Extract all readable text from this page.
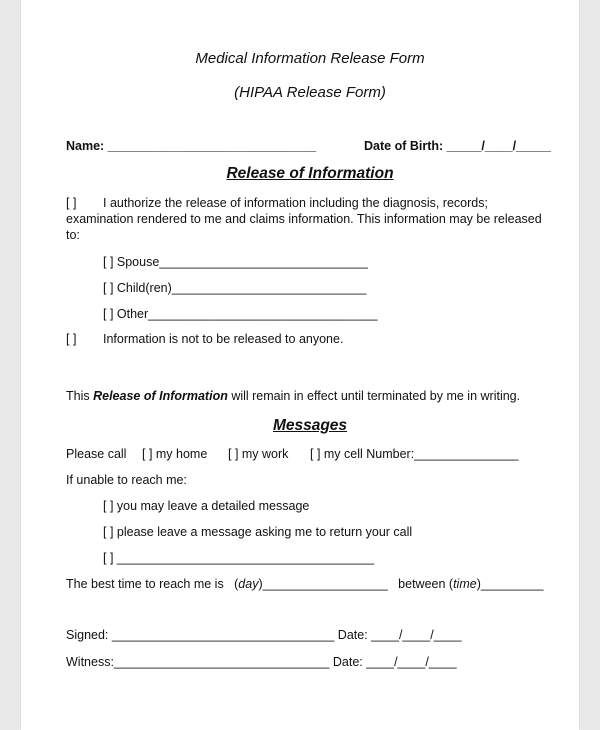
Medical Information Release Form
(HIPAA Release Form)
Name: ______________________________	Date of Birth: _____/____/_____
Release of Information
[ ] I authorize the release of information including the diagnosis, records;
examination rendered to me and claims information. This information may be released
to:
[ ] Spouse______________________________
[ ] Child(ren)____________________________
[ ] Other_________________________________
[ ] Information is not to be released to anyone.
This Release of Information will remain in effect until terminated by me in writing.
Messages
Please call [ ] my home [ ] my work [ ] my cell Number:_______________
If unable to reach me:
[ ] you may leave a detailed message
[ ] please leave a message asking me to return your call
[ ] _____________________________________
The best time to reach me is   (day)__________________   between (time)_________
Signed: ________________________________ Date: ____/____/____
Witness:_______________________________ Date: ____/____/____
